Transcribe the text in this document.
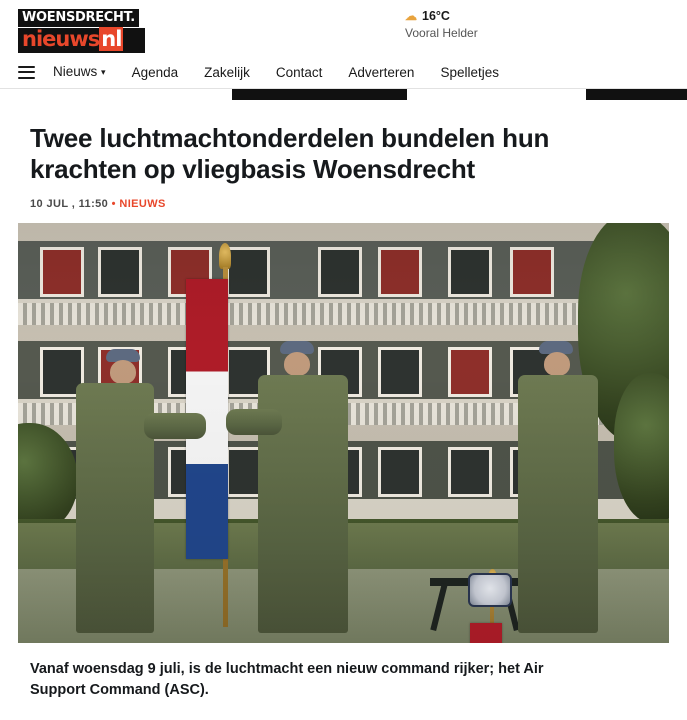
WOENSDRECHT.
nieuwsnl
☁ 16°C
Vooral Helder
Nieuws ▾	Agenda	Zakelijk	Contact	Adverteren	Spelletjes
Twee luchtmachtonderdelen bundelen hun krachten op vliegbasis Woensdrecht
10 JUL , 11:50 • NIEUWS
Vanaf woensdag 9 juli, is de luchtmacht een nieuw command rijker; het Air Support Command (ASC).
